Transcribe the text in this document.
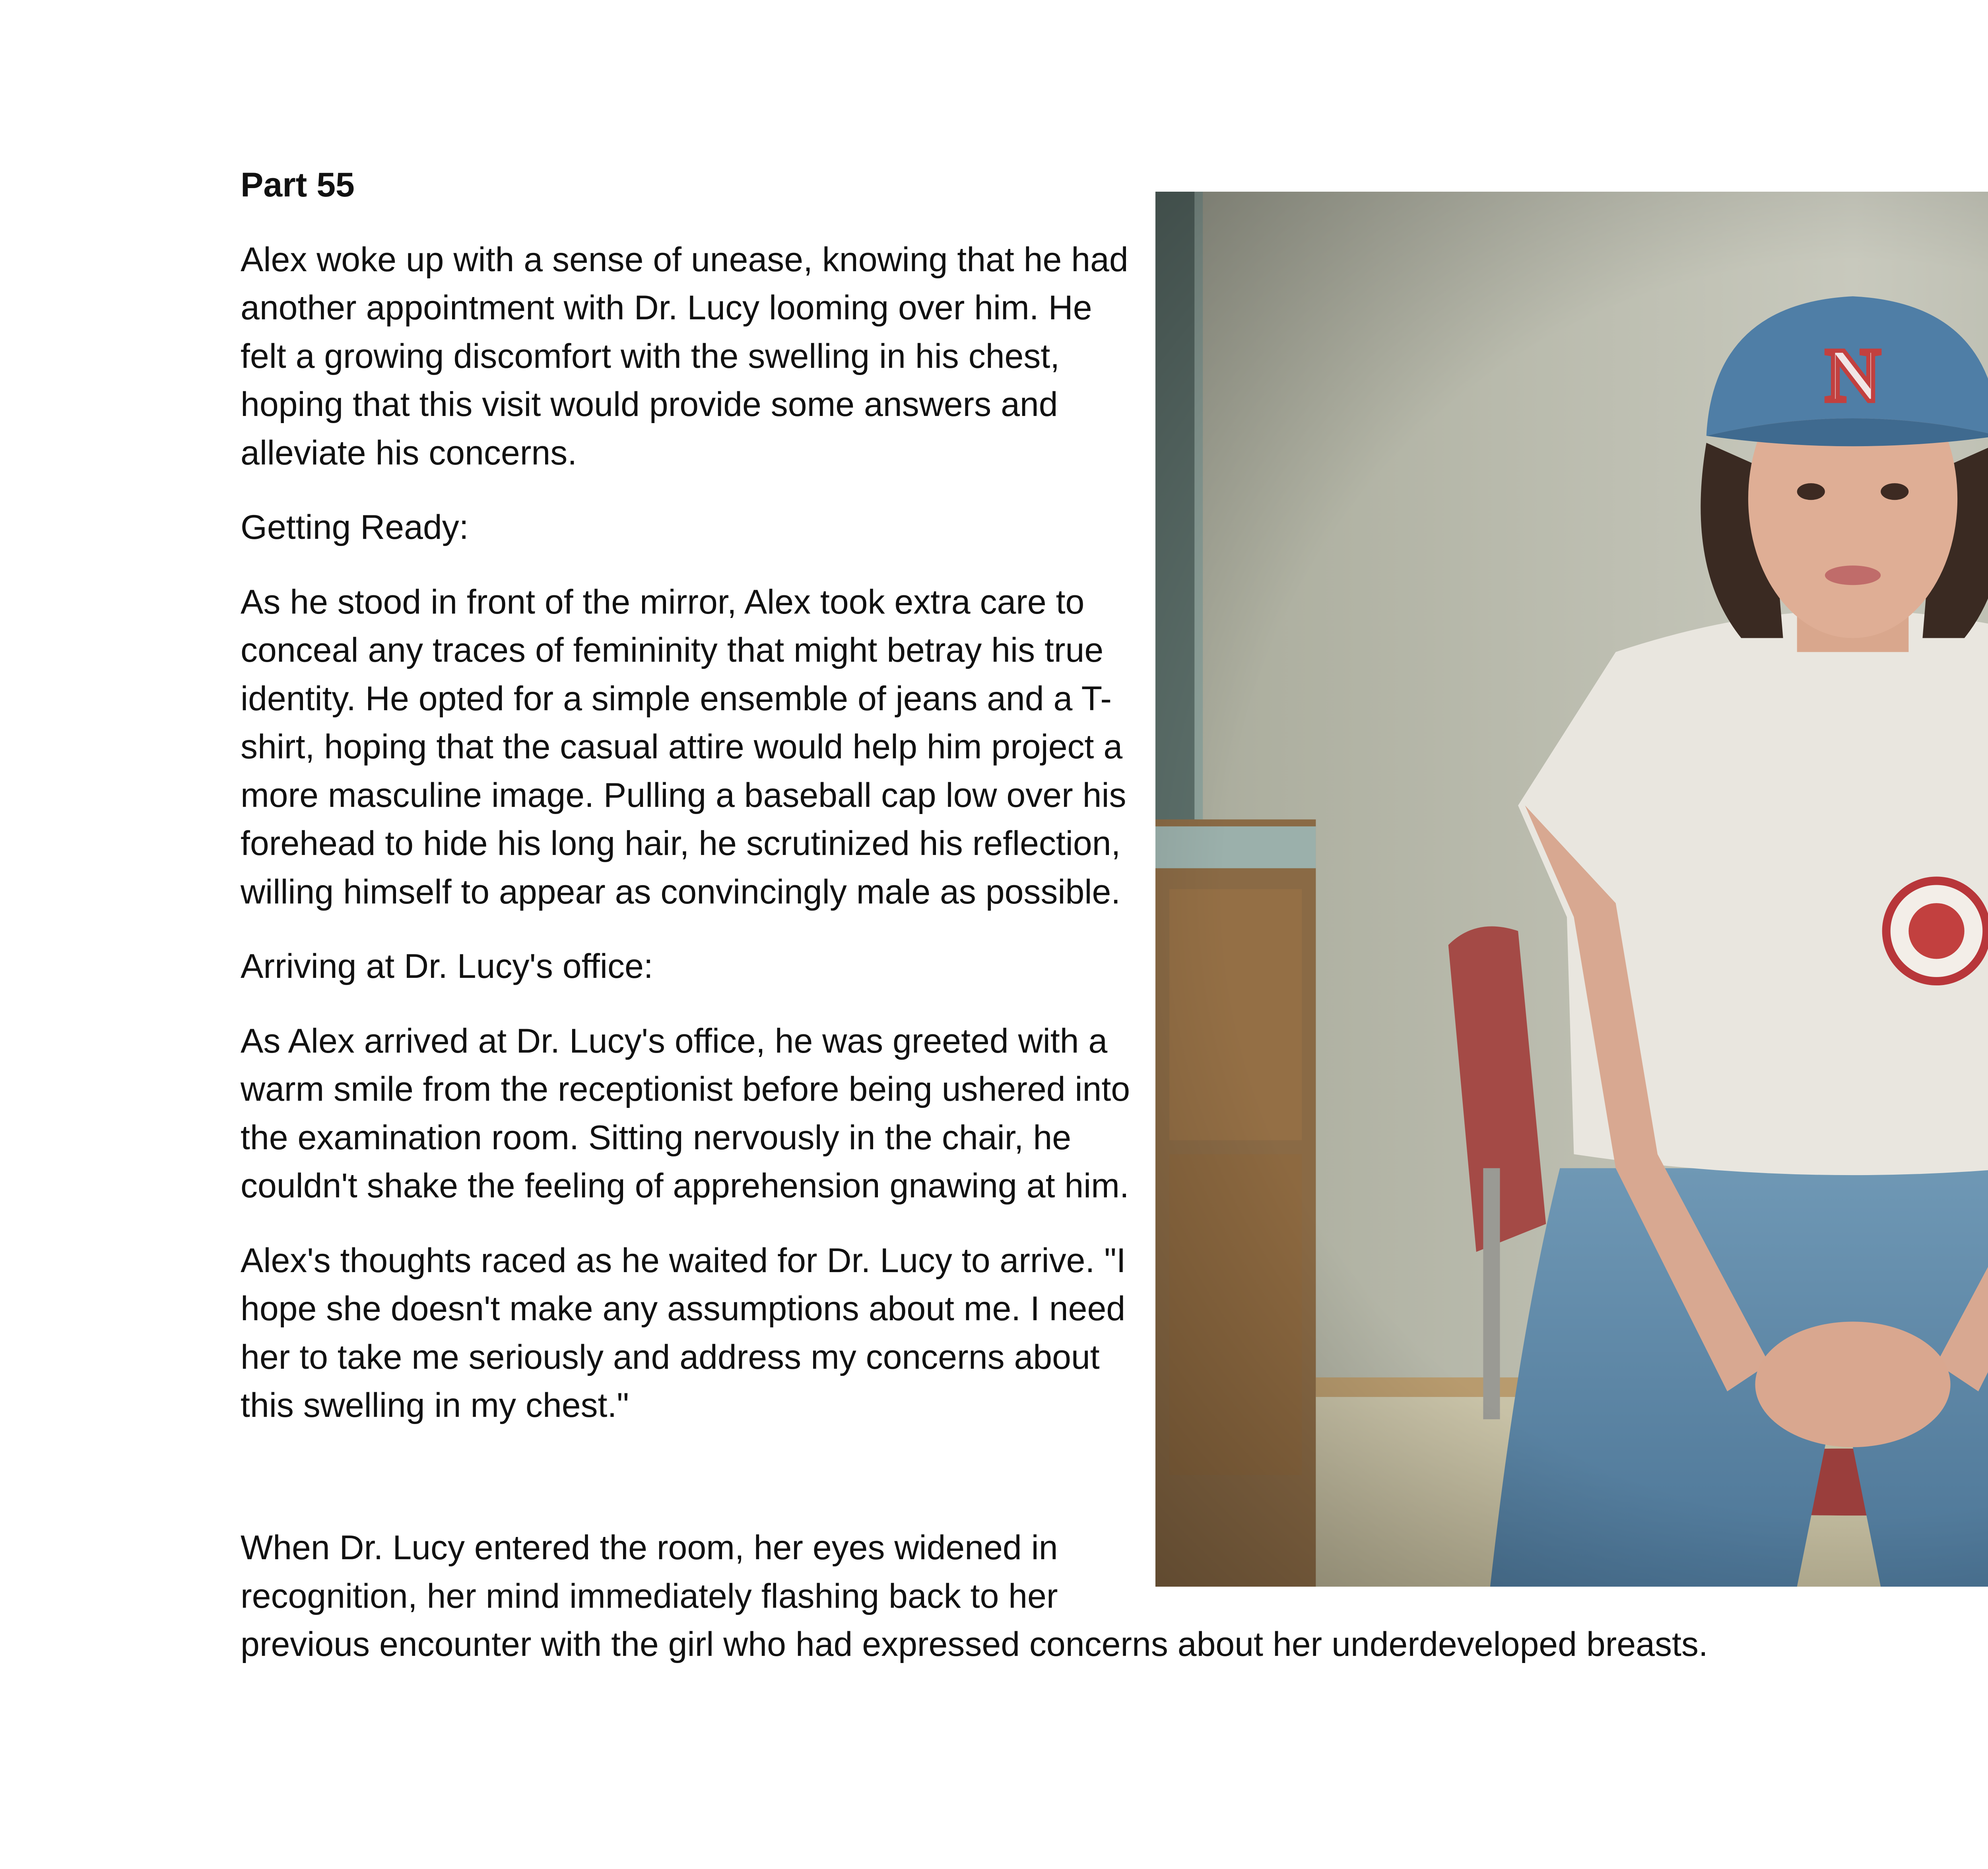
Part 55

Alex woke up with a sense of unease, knowing that he had another appointment with Dr. Lucy looming over him. He felt a growing discomfort with the swelling in his chest, hoping that this visit would provide some answers and alleviate his concerns.

Getting Ready:

As he stood in front of the mirror, Alex took extra care to conceal any traces of femininity that might betray his true identity. He opted for a simple ensemble of jeans and a T-shirt, hoping that the casual attire would help him project a more masculine image. Pulling a baseball cap low over his forehead to hide his long hair, he scrutinized his reflection, willing himself to appear as convincingly male as possible.

Arriving at Dr. Lucy's office:

As Alex arrived at Dr. Lucy's office, he was greeted with a warm smile from the receptionist before being ushered into the examination room. Sitting nervously in the chair, he couldn't shake the feeling of apprehension gnawing at him.

Alex's thoughts raced as he waited for Dr. Lucy to arrive. "I hope she doesn't make any assumptions about me. I need her to take me seriously and address my concerns about this swelling in my chest."

When Dr. Lucy entered the room, her eyes widened in
recognition, her mind immediately flashing back to her
previous encounter with the girl who had expressed concerns about her underdeveloped breasts.
